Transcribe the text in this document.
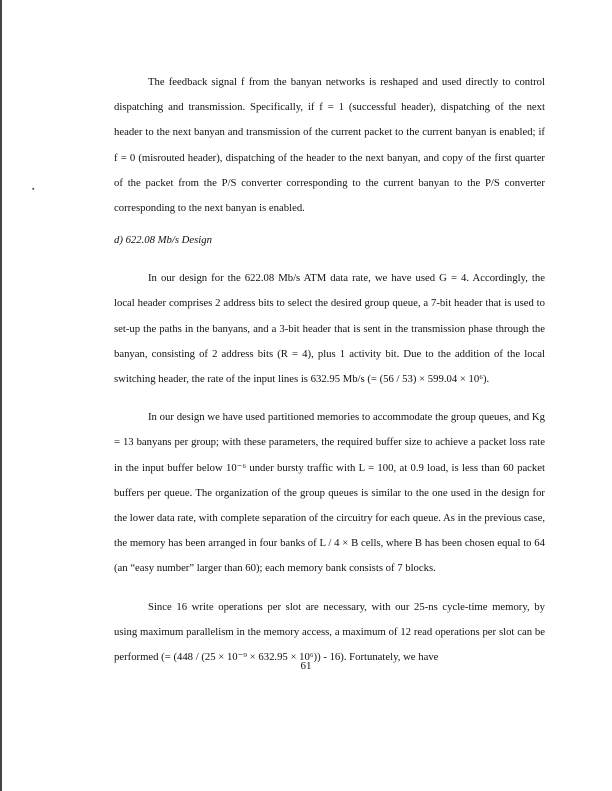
▪

The feedback signal f from the banyan networks is reshaped and used directly to control dispatching and transmission. Specifically, if f = 1 (successful header), dispatching of the next header to the next banyan and transmission of the current packet to the current banyan is enabled; if f = 0 (misrouted header), dispatching of the header to the next banyan, and copy of the first quarter of the packet from the P/S converter corresponding to the current banyan to the P/S converter corresponding to the next banyan is enabled.

d) 622.08 Mb/s Design

In our design for the 622.08 Mb/s ATM data rate, we have used G = 4. Accordingly, the local header comprises 2 address bits to select the desired group queue, a 7-bit header that is used to set-up the paths in the banyans, and a 3-bit header that is sent in the transmission phase through the banyan, consisting of 2 address bits (R = 4), plus 1 activity bit. Due to the addition of the local switching header, the rate of the input lines is 632.95 Mb/s (= (56 / 53) × 599.04 × 10⁶).

In our design we have used partitioned memories to accommodate the group queues, and Kg = 13 banyans per group; with these parameters, the required buffer size to achieve a packet loss rate in the input buffer below 10⁻⁶ under bursty traffic with L = 100, at 0.9 load, is less than 60 packet buffers per queue. The organization of the group queues is similar to the one used in the design for the lower data rate, with complete separation of the circuitry for each queue. As in the previous case, the memory has been arranged in four banks of L / 4 × B cells, where B has been chosen equal to 64 (an “easy number” larger than 60); each memory bank consists of 7 blocks.

Since 16 write operations per slot are necessary, with our 25-ns cycle-time memory, by using maximum parallelism in the memory access, a maximum of 12 read operations per slot can be performed (= (448 / (25 × 10⁻⁹ × 632.95 × 10⁶)) - 16). Fortunately, we have

61
